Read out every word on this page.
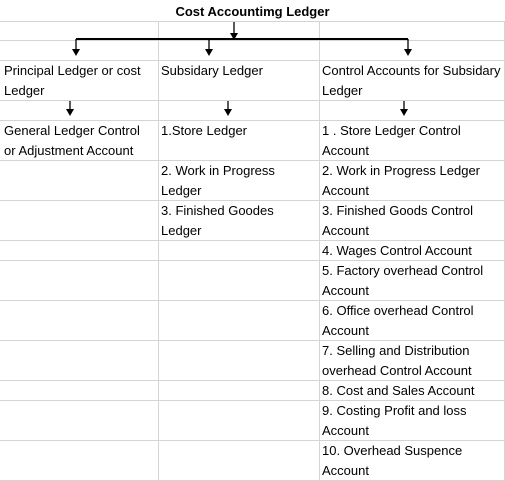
Cost Accountimg Ledger
Principal Ledger or cost Ledger
Subsidary Ledger	Control Accounts for Subsidary Ledger
General Ledger Control or Adjustment Account
1.Store Ledger
2. Work in Progress Ledger
3. Finished Goodes Ledger
1 . Store Ledger Control Account
2. Work in Progress Ledger Account
3. Finished Goods Control Account
4. Wages Control Account
5. Factory overhead Control Account
6. Office overhead Control Account
7. Selling and Distribution overhead Control Account
8. Cost and Sales Account
9. Costing Profit and loss Account
10. Overhead Suspence Account
